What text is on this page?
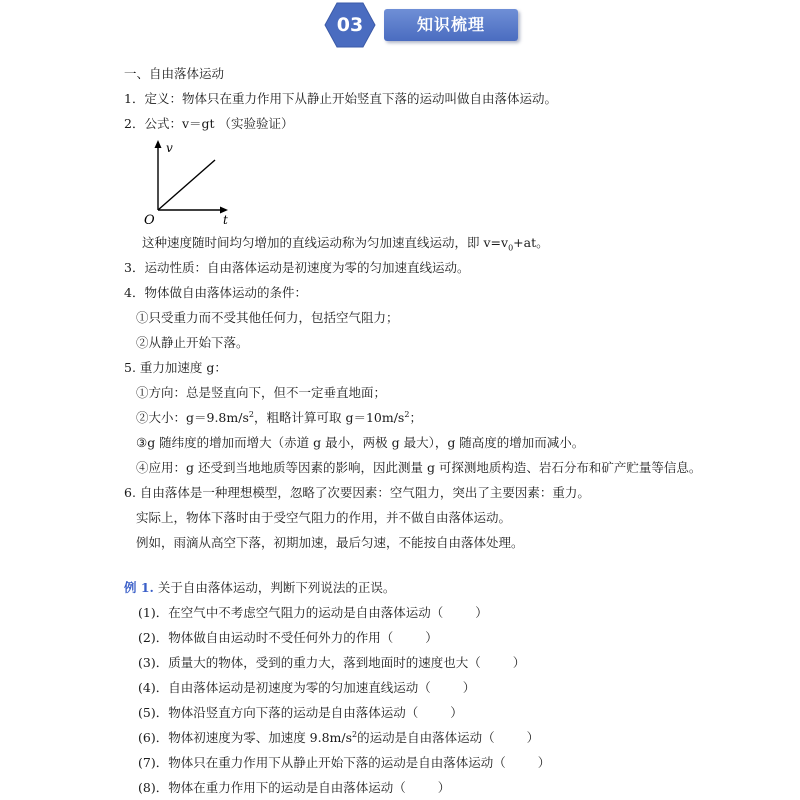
03	知识梳理
一、自由落体运动
1．定义：物体只在重力作用下从静止开始竖直下落的运动叫做自由落体运动。
2．公式：v＝gt （实验验证）
v
t
O
这种速度随时间均匀增加的直线运动称为匀加速直线运动，即 $v=v_0+at$。
3．运动性质：自由落体运动是初速度为零的匀加速直线运动。
4．物体做自由落体运动的条件：
①只受重力而不受其他任何力，包括空气阻力；
②从静止开始下落。
5. 重力加速度 g：
①方向：总是竖直向下，但不一定垂直地面；
②大小：$g=9.8m/s^2$，粗略计算可取 $g=10m/s^2$；
③g 随纬度的增加而增大（赤道 g 最小，两极 g 最大），g 随高度的增加而减小。
④应用：g 还受到当地地质等因素的影响，因此测量 g 可探测地质构造、岩石分布和矿产贮量等信息。
6. 自由落体是一种理想模型，忽略了次要因素：空气阻力，突出了主要因素：重力。
实际上，物体下落时由于受空气阻力的作用，并不做自由落体运动。
例如，雨滴从高空下落，初期加速，最后匀速，不能按自由落体处理。
例 1. 关于自由落体运动，判断下列说法的正误。
(1)．在空气中不考虑空气阻力的运动是自由落体运动（	）
(2)．物体做自由运动时不受任何外力的作用（	）
(3)．质量大的物体，受到的重力大，落到地面时的速度也大（	）
(4)．自由落体运动是初速度为零的匀加速直线运动（	）
(5)．物体沿竖直方向下落的运动是自由落体运动（	）
(6)．物体初速度为零、加速度 $9.8m/s^2$的运动是自由落体运动（	）
(7)．物体只在重力作用下从静止开始下落的运动是自由落体运动（	）
(8)．物体在重力作用下的运动是自由落体运动（	）
